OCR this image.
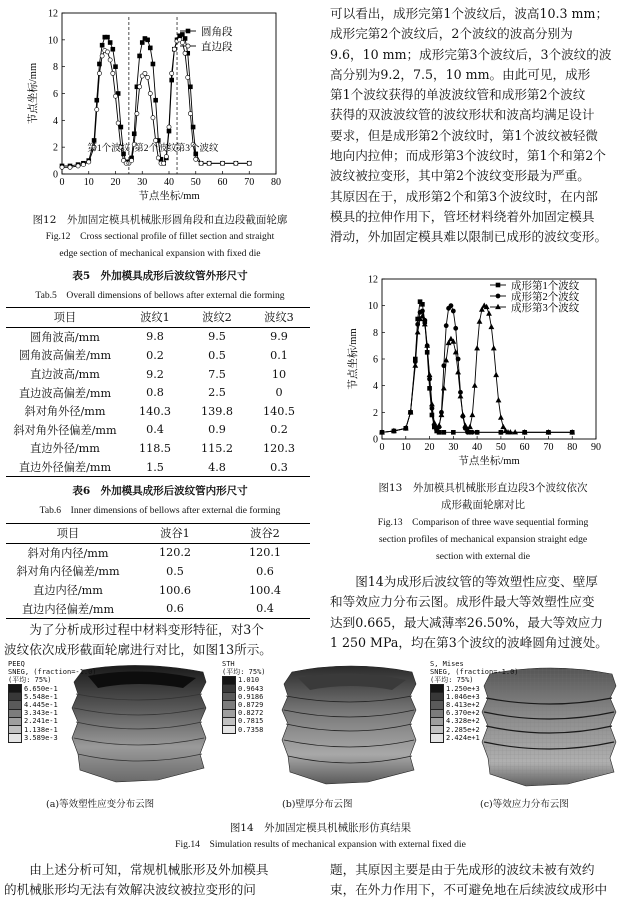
0 10 20 30 40 50 60 70 80
0
2
4
6
8
10
12
节点坐标/mm
节点坐标/mm
圆角段
直边段
第1个波纹 第2个波纹
第3个波纹
图12　外加固定模具机械胀形圆角段和直边段截面轮廓
Fig.12　Cross sectional profile of fillet section and straight
edge section of mechanical expansion with fixed die
表5　外加模具成形后波纹管外形尺寸
Tab.5　Overall dimensions of bellows after external die forming
项目	波纹1	波纹2	波纹3
圆角波高/mm	9.8	9.5	9.9
圆角波高偏差/mm	0.2	0.5	0.1
直边波高/mm	9.2	7.5	10
直边波高偏差/mm	0.8	2.5	0
斜对角外径/mm	140.3	139.8	140.5
斜对角外径偏差/mm	0.4	0.9	0.2
直边外径/mm	118.5	115.2	120.3
直边外径偏差/mm	1.5	4.8	0.3
表6　外加模具成形后波纹管内形尺寸
Tab.6　Inner dimensions of bellows after external die forming
项目	波谷1	波谷2
斜对角内径/mm	120.2	120.1
斜对角内径偏差/mm	0.5	0.6
直边内径/mm	100.6	100.4
直边内径偏差/mm	0.6	0.4
为了分析成形过程中材料变形特征，对3个
波纹依次成形截面轮廓进行对比，如图13所示。
可以看出，成形完第1个波纹后，波高10.3 mm；
成形完第2个波纹后，2个波纹的波高分别为
9.6，10 mm；成形完第3个波纹后，3个波纹的波
高分别为9.2，7.5，10 mm。由此可见，成形
第1个波纹获得的单波波纹管和成形第2个波纹
获得的双波波纹管的波纹形状和波高均满足设计
要求，但是成形第2个波纹时，第1个波纹被轻微
地向内拉伸；而成形第3个波纹时，第1个和第2个
波纹被拉变形，其中第2个波纹变形最为严重。
其原因在于，成形第2个和第3个波纹时，在内部
模具的拉伸作用下，管坯材料绕着外加固定模具
滑动，外加固定模具难以限制已成形的波纹变形。
0 10 20 30 40 50 60 70 80 90
0
2
4
6
8
10
12
节点坐标/mm
节点坐标/mm
成形第1个波纹
成形第2个波纹
成形第3个波纹
图13　外加模具机械胀形直边段3个波纹依次
成形截面轮廓对比
Fig.13　Comparison of three wave sequential forming
section profiles of mechanical expansion straight edge
section with external die
图14为成形后波纹管的等效塑性应变、壁厚
和等效应力分布云图。成形件最大等效塑性应变
达到0.665，最大减薄率26.50%，最大等效应力
1 250 MPa，均在第3个波纹的波峰圆角过渡处。
PEEQ
SNEG, (fraction=-1.0)
(平均: 75%)
6.650e-1
5.548e-1
4.445e-1
3.343e-1
2.241e-1
1.138e-1
3.589e-3
(a)等效塑性应变分布云图
STH
(平均: 75%)
1.010
0.9643
0.9186
0.8729
0.8272
0.7815
0.7358
(b)壁厚分布云图
S, Mises
SNEG, (fraction=-1.0)
(平均: 75%)
1.250e+3
1.046e+3
8.413e+2
6.370e+2
4.328e+2
2.285e+2
2.424e+1
(c)等效应力分布云图
图14　外加固定模具机械胀形仿真结果
Fig.14　Simulation results of mechanical expansion with external fixed die
由上述分析可知，常规机械胀形及外加模具
的机械胀形均无法有效解决波纹被拉变形的问
题，其原因主要是由于先成形的波纹未被有效约
束，在外力作用下，不可避免地在后续波纹成形中
